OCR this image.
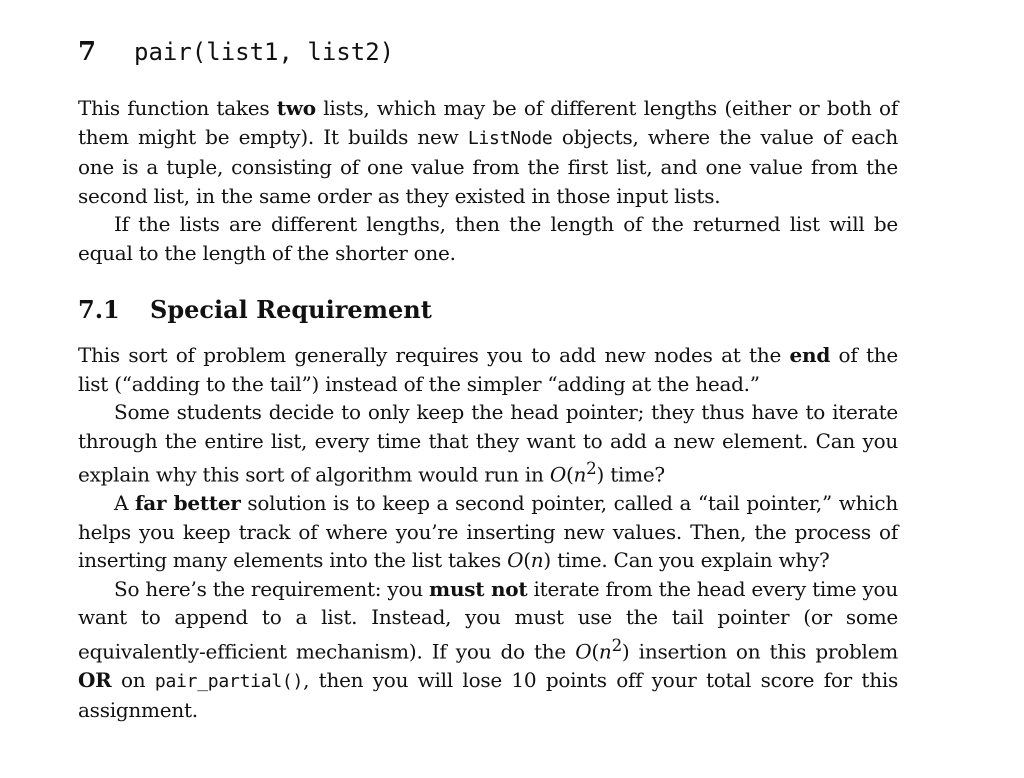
7 pair(list1, list2)

This function takes two lists, which may be of different lengths (either or both of them might be empty). It builds new ListNode objects, where the value of each one is a tuple, consisting of one value from the first list, and one value from the second list, in the same order as they existed in those input lists.

If the lists are different lengths, then the length of the returned list will be equal to the length of the shorter one.

7.1 Special Requirement

This sort of problem generally requires you to add new nodes at the end of the list (“adding to the tail”) instead of the simpler “adding at the head.”

Some students decide to only keep the head pointer; they thus have to iterate through the entire list, every time that they want to add a new element. Can you explain why this sort of algorithm would run in $O(n^2)$ time?

A far better solution is to keep a second pointer, called a “tail pointer,” which helps you keep track of where you’re inserting new values. Then, the process of inserting many elements into the list takes O(n) time. Can you explain why?

So here’s the requirement: you must not iterate from the head every time you want to append to a list. Instead, you must use the tail pointer (or some equivalently-efficient mechanism). If you do the $O(n^2)$ insertion on this problem OR on pair_partial(), then you will lose 10 points off your total score for this assignment.
